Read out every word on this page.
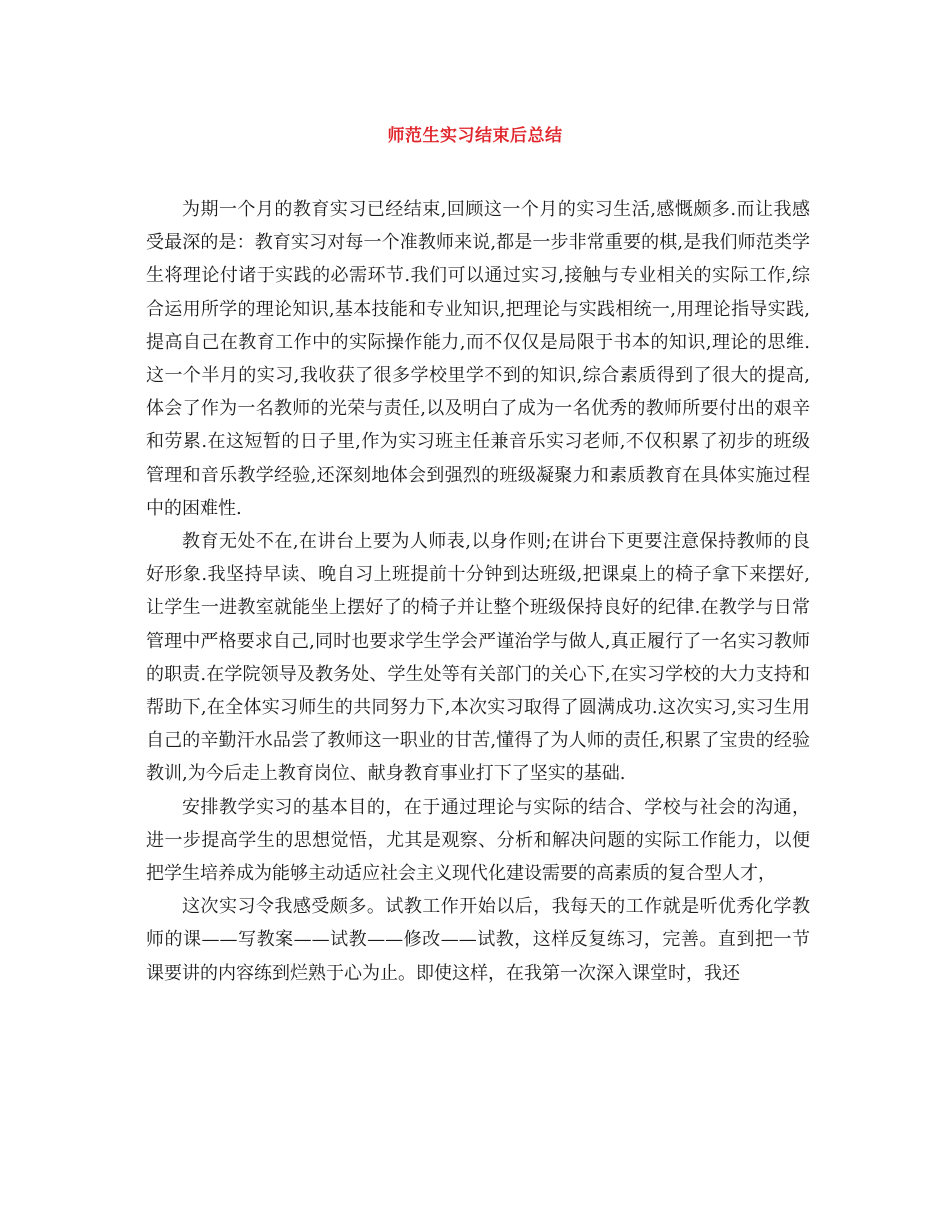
师范生实习结束后总结

为期一个月的教育实习已经结束,回顾这一个月的实习生活,感慨颇多.而让我感受最深的是：教育实习对每一个准教师来说,都是一步非常重要的棋,是我们师范类学生将理论付诸于实践的必需环节.我们可以通过实习,接触与专业相关的实际工作,综合运用所学的理论知识,基本技能和专业知识,把理论与实践相统一,用理论指导实践,提高自己在教育工作中的实际操作能力,而不仅仅是局限于书本的知识,理论的思维.这一个半月的实习,我收获了很多学校里学不到的知识,综合素质得到了很大的提高,体会了作为一名教师的光荣与责任,以及明白了成为一名优秀的教师所要付出的艰辛和劳累.在这短暂的日子里,作为实习班主任兼音乐实习老师,不仅积累了初步的班级管理和音乐教学经验,还深刻地体会到强烈的班级凝聚力和素质教育在具体实施过程中的困难性.

教育无处不在,在讲台上要为人师表,以身作则;在讲台下更要注意保持教师的良好形象.我坚持早读、晚自习上班提前十分钟到达班级,把课桌上的椅子拿下来摆好,让学生一进教室就能坐上摆好了的椅子并让整个班级保持良好的纪律.在教学与日常管理中严格要求自己,同时也要求学生学会严谨治学与做人,真正履行了一名实习教师的职责.在学院领导及教务处、学生处等有关部门的关心下,在实习学校的大力支持和帮助下,在全体实习师生的共同努力下,本次实习取得了圆满成功.这次实习,实习生用自己的辛勤汗水品尝了教师这一职业的甘苦,懂得了为人师的责任,积累了宝贵的经验教训,为今后走上教育岗位、献身教育事业打下了坚实的基础.

安排教学实习的基本目的，在于通过理论与实际的结合、学校与社会的沟通，进一步提高学生的思想觉悟，尤其是观察、分析和解决问题的实际工作能力，以便把学生培养成为能够主动适应社会主义现代化建设需要的高素质的复合型人才，

这次实习令我感受颇多。试教工作开始以后，我每天的工作就是听优秀化学教师的课——写教案——试教——修改——试教，这样反复练习，完善。直到把一节课要讲的内容练到烂熟于心为止。即使这样，在我第一次深入课堂时，我还
